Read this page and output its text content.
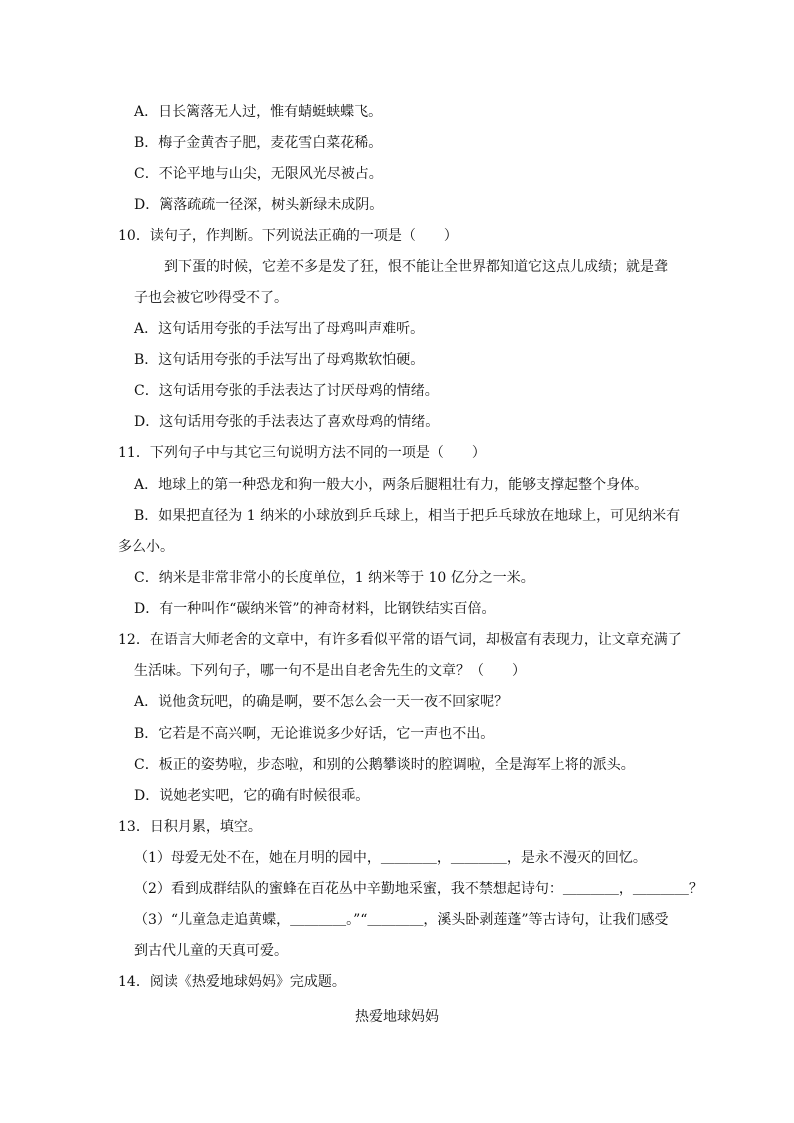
A．日长篱落无人过，惟有蜻蜓蛱蝶飞。
B．梅子金黄杏子肥，麦花雪白菜花稀。
C．不论平地与山尖，无限风光尽被占。
D．篱落疏疏一径深，树头新绿未成阴。
10．读句子，作判断。下列说法正确的一项是（　　）
到下蛋的时候，它差不多是发了狂，恨不能让全世界都知道它这点儿成绩；就是聋
子也会被它吵得受不了。
A．这句话用夸张的手法写出了母鸡叫声难听。
B．这句话用夸张的手法写出了母鸡欺软怕硬。
C．这句话用夸张的手法表达了讨厌母鸡的情绪。
D．这句话用夸张的手法表达了喜欢母鸡的情绪。
11．下列句子中与其它三句说明方法不同的一项是（　　）
A．地球上的第一种恐龙和狗一般大小，两条后腿粗壮有力，能够支撑起整个身体。
B．如果把直径为 1 纳米的小球放到乒乓球上，相当于把乒乓球放在地球上，可见纳米有
多么小。
C．纳米是非常非常小的长度单位，1 纳米等于 10 亿分之一米。
D．有一种叫作“碳纳米管”的神奇材料，比钢铁结实百倍。
12．在语言大师老舍的文章中，有许多看似平常的语气词，却极富有表现力，让文章充满了
生活味。下列句子，哪一句不是出自老舍先生的文章？（　　）
A．说他贪玩吧，的确是啊，要不怎么会一天一夜不回家呢？
B．它若是不高兴啊，无论谁说多少好话，它一声也不出。
C．板正的姿势啦，步态啦，和别的公鹅攀谈时的腔调啦，全是海军上将的派头。
D．说她老实吧，它的确有时候很乖。
13．日积月累，填空。
（1）母爱无处不在，她在月明的园中，＿＿＿＿，＿＿＿＿，是永不漫灭的回忆。
（2）看到成群结队的蜜蜂在百花丛中辛勤地采蜜，我不禁想起诗句：＿＿＿＿，＿＿＿＿？
（3）“儿童急走追黄蝶，＿＿＿＿。”“＿＿＿＿，溪头卧剥莲蓬”等古诗句，让我们感受
到古代儿童的天真可爱。
14．阅读《热爱地球妈妈》完成题。
热爱地球妈妈
